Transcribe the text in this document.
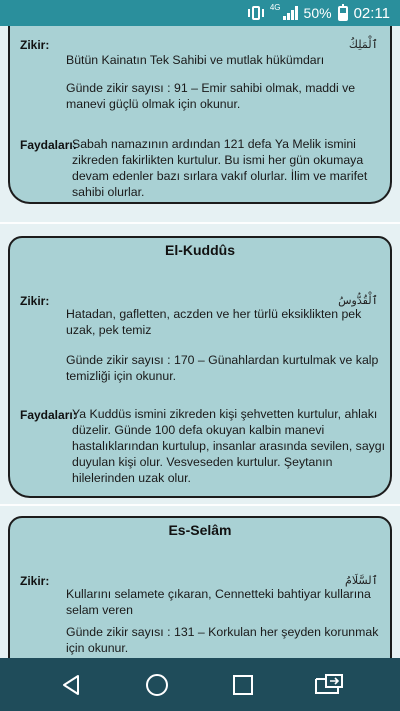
4G 50% 02:11
Zikir:	ٱلْمَلِكُ
Bütün Kainatın Tek Sahibi ve mutlak hükümdarı
Günde zikir sayısı : 91 – Emir sahibi olmak, maddi ve manevi güçlü olmak için okunur.
Faydaları:
Sabah namazının ardından 121 defa Ya Melik ismini zikreden fakirlikten kurtulur. Bu ismi her gün okumaya devam edenler bazı sırlara vakıf olurlar. İlim ve marifet sahibi olurlar.
El-Kuddûs
Zikir:	ٱلْقُدُّوسُ
Hatadan, gafletten, aczden ve her türlü eksiklikten pek uzak, pek temiz
Günde zikir sayısı : 170 – Günahlardan kurtulmak ve kalp temizliği için okunur.
Faydaları:
Ya Kuddüs ismini zikreden kişi şehvetten kurtulur, ahlakı düzelir. Günde 100 defa okuyan kalbin manevi hastalıklarından kurtulup, insanlar arasında sevilen, saygı duyulan kişi olur. Vesveseden kurtulur. Şeytanın hilelerinden uzak olur.
Es-Selâm
Zikir:	ٱلسَّلَامُ
Kullarını selamete çıkaran, Cennetteki bahtiyar kullarına selam veren
Günde zikir sayısı : 131 – Korkulan her şeyden korunmak için okunur.
